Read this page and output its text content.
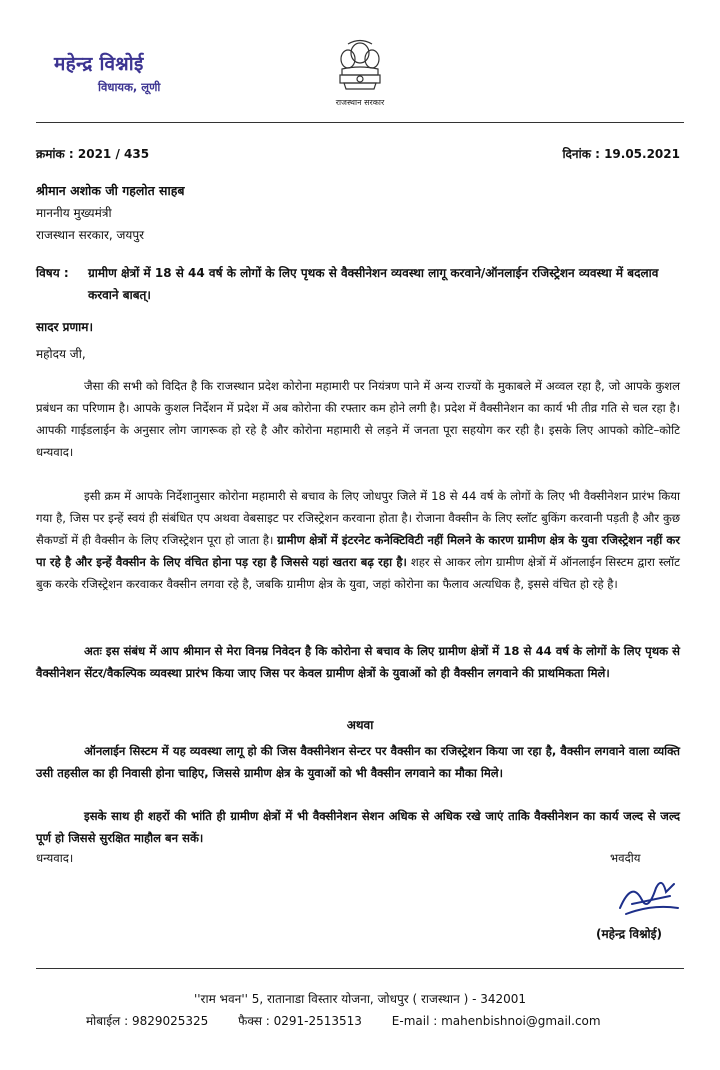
महेन्द्र विश्नोई
विधायक, लूणी
राजस्थान सरकार
क्रमांक : 2021 / 435	दिनांक : 19.05.2021
श्रीमान अशोक जी गहलोत साहब
माननीय मुख्यमंत्री
राजस्थान सरकार, जयपुर
विषय : ग्रामीण क्षेत्रों में 18 से 44 वर्ष के लोगों के लिए पृथक से वैक्सीनेशन व्यवस्था लागू करवाने/ऑनलाईन रजिस्ट्रेशन व्यवस्था में बदलाव करवाने बाबत्।
सादर प्रणाम।
महोदय जी,
जैसा की सभी को विदित है कि राजस्थान प्रदेश कोरोना महामारी पर नियंत्रण पाने में अन्य राज्यों के मुकाबले में अव्वल रहा है, जो आपके कुशल प्रबंधन का परिणाम है। आपके कुशल निर्देशन में प्रदेश में अब कोरोना की रफ्तार कम होने लगी है। प्रदेश में वैक्सीनेशन का कार्य भी तीव्र गति से चल रहा है। आपकी गाईडलाईन के अनुसार लोग जागरूक हो रहे है और कोरोना महामारी से लड़ने में जनता पूरा सहयोग कर रही है। इसके लिए आपको कोटि–कोटि धन्यवाद।
इसी क्रम में आपके निर्देशानुसार कोरोना महामारी से बचाव के लिए जोधपुर जिले में 18 से 44 वर्ष के लोगों के लिए भी वैक्सीनेशन प्रारंभ किया गया है, जिस पर इन्हें स्वयं ही संबंधित एप अथवा वेबसाइट पर रजिस्ट्रेशन करवाना होता है। रोजाना वैक्सीन के लिए स्लॉट बुकिंग करवानी पड़ती है और कुछ सैकण्डों में ही वैक्सीन के लिए रजिस्ट्रेशन पूरा हो जाता है। ग्रामीण क्षेत्रों में इंटरनेट कनेक्टिविटी नहीं मिलने के कारण ग्रामीण क्षेत्र के युवा रजिस्ट्रेशन नहीं कर पा रहे है और इन्हें वैक्सीन के लिए वंचित होना पड़ रहा है जिससे यहां खतरा बढ़ रहा है। शहर से आकर लोग ग्रामीण क्षेत्रों में ऑनलाईन सिस्टम द्वारा स्लॉट बुक करके रजिस्ट्रेशन करवाकर वैक्सीन लगवा रहे है, जबकि ग्रामीण क्षेत्र के युवा, जहां कोरोना का फैलाव अत्यधिक है, इससे वंचित हो रहे है।
अतः इस संबंध में आप श्रीमान से मेरा विनम्र निवेदन है कि कोरोना से बचाव के लिए ग्रामीण क्षेत्रों में 18 से 44 वर्ष के लोगों के लिए पृथक से वैक्सीनेशन सेंटर/वैकल्पिक व्यवस्था प्रारंभ किया जाए जिस पर केवल ग्रामीण क्षेत्रों के युवाओं को ही वैक्सीन लगवाने की प्राथमिकता मिले।
अथवा
ऑनलाईन सिस्टम में यह व्यवस्था लागू हो की जिस वैक्सीनेशन सेन्टर पर वैक्सीन का रजिस्ट्रेशन किया जा रहा है, वैक्सीन लगवाने वाला व्यक्ति उसी तहसील का ही निवासी होना चाहिए, जिससे ग्रामीण क्षेत्र के युवाओं को भी वैक्सीन लगवाने का मौका मिले।
इसके साथ ही शहरों की भांति ही ग्रामीण क्षेत्रों में भी वैक्सीनेशन सेशन अधिक से अधिक रखे जाएं ताकि वैक्सीनेशन का कार्य जल्द से जल्द पूर्ण हो जिससे सुरक्षित माहौल बन सकें।
धन्यवाद।	भवदीय
(महेन्द्र विश्नोई)
''राम भवन'' 5, रातानाडा विस्तार योजना, जोधपुर ( राजस्थान ) - 342001
मोबाईल : 9829025325 फैक्स : 0291-2513513 E-mail : mahenbishnoi@gmail.com
